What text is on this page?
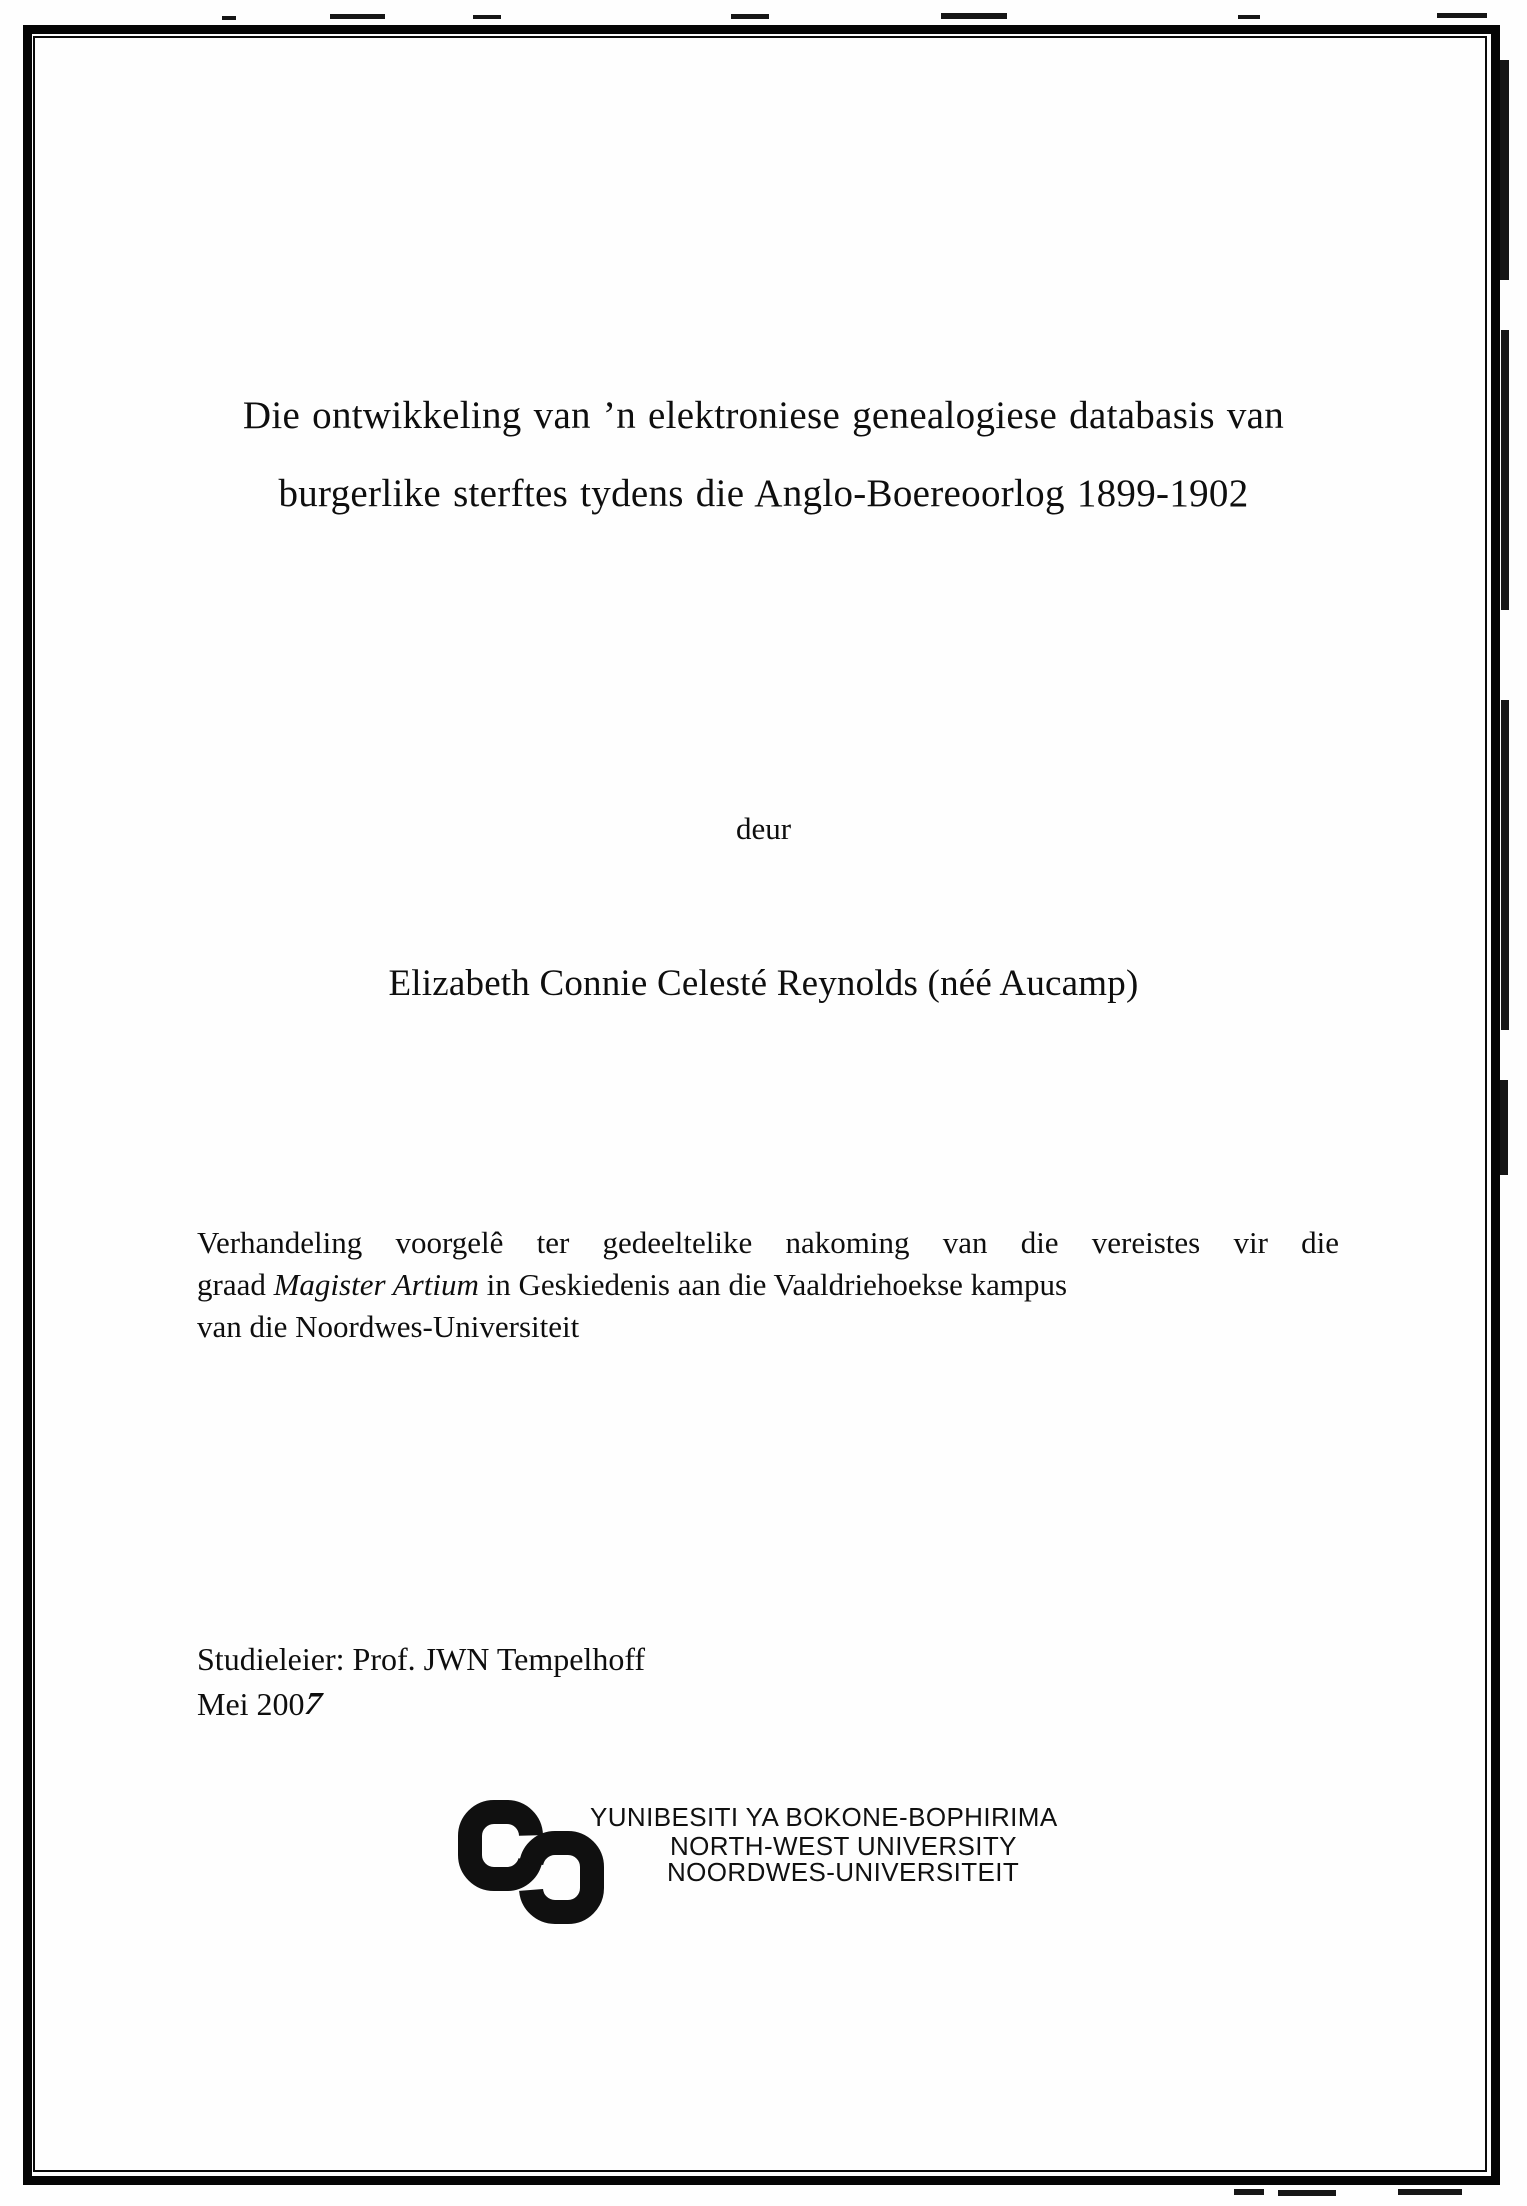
Die ontwikkeling van ’n elektroniese genealogiese databasis van
burgerlike sterftes tydens die Anglo-Boereoorlog 1899-1902
deur
Elizabeth Connie Celesté Reynolds (néé Aucamp)
Verhandeling voorgelê ter gedeeltelike nakoming van die vereistes vir die
graad Magister Artium in Geskiedenis aan die Vaaldriehoekse kampus
van die Noordwes-Universiteit
Studieleier: Prof. JWN Tempelhoff
Mei 2007
YUNIBESITI YA BOKONE-BOPHIRIMA
NORTH-WEST UNIVERSITY
NOORDWES-UNIVERSITEIT
